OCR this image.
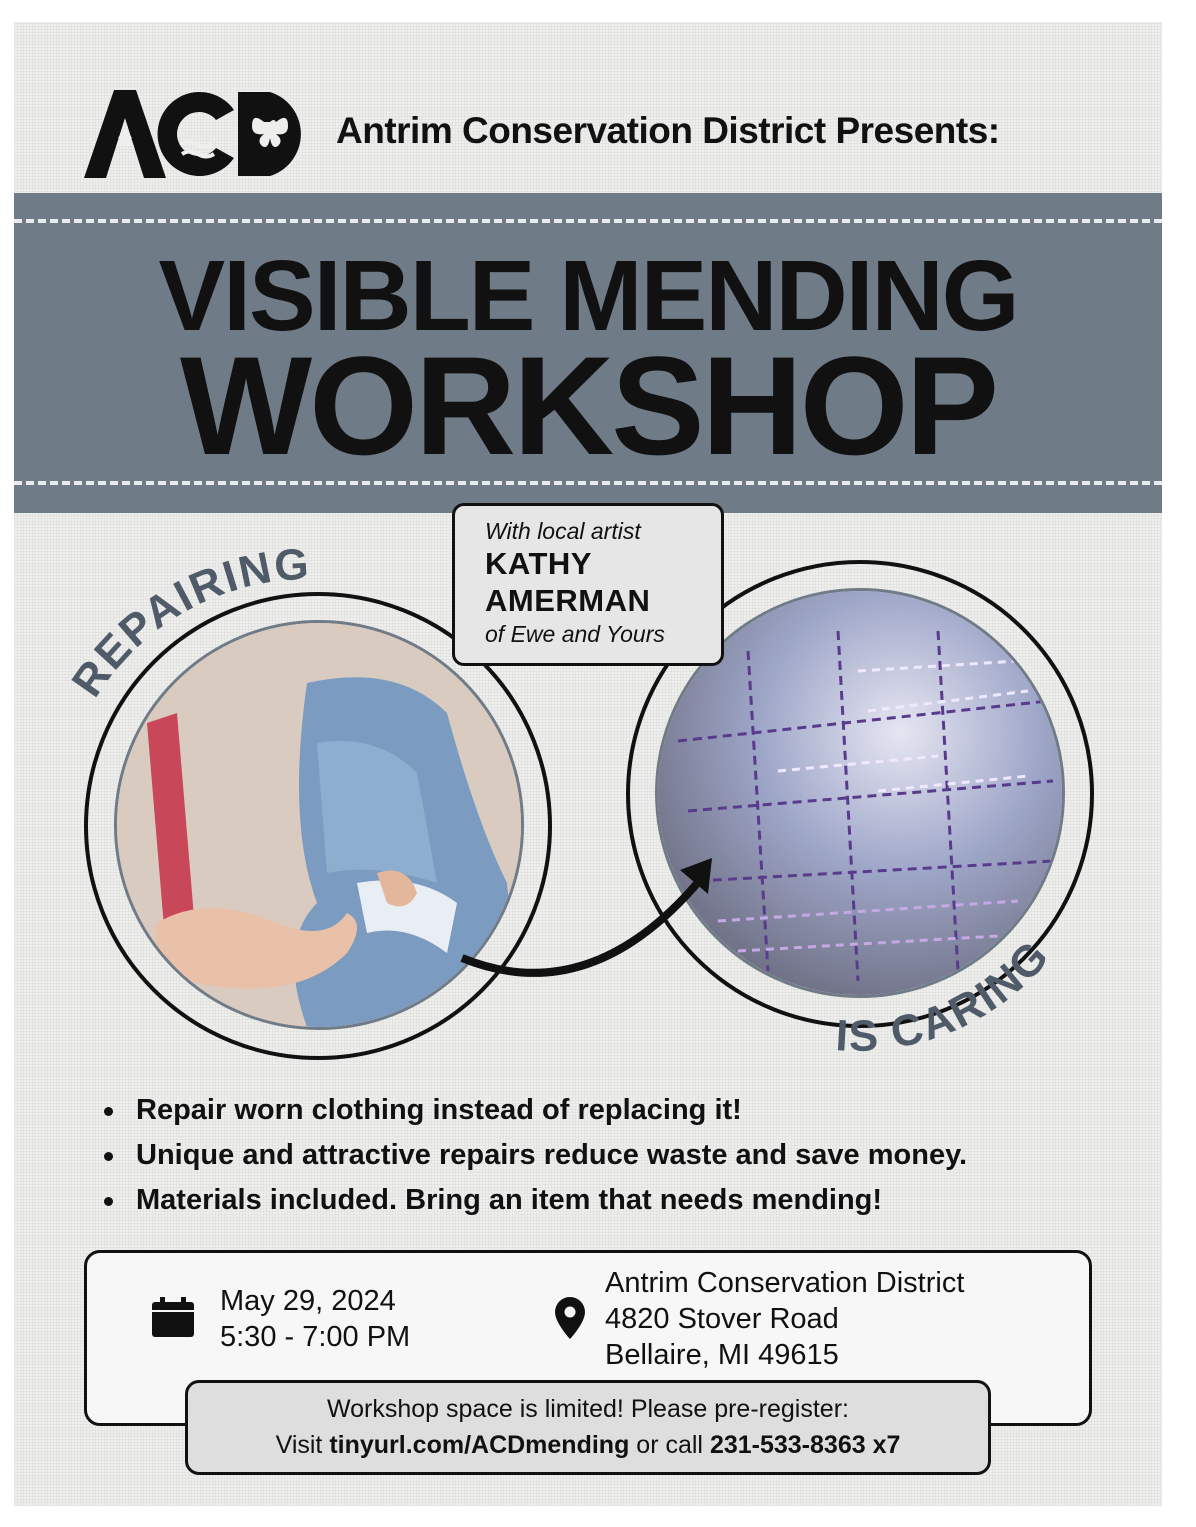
Antrim Conservation District Presents:
VISIBLE MENDING
WORKSHOP
REPAIRING
IS CARING
With local artist
KATHY
AMERMAN
of Ewe and Yours
Repair worn clothing instead of replacing it!
Unique and attractive repairs reduce waste and save money.
Materials included. Bring an item that needs mending!
May 29, 2024
5:30 - 7:00 PM
Antrim Conservation District
4820 Stover Road
Bellaire, MI 49615
Workshop space is limited! Please pre-register:
Visit tinyurl.com/ACDmending or call 231-533-8363 x7
